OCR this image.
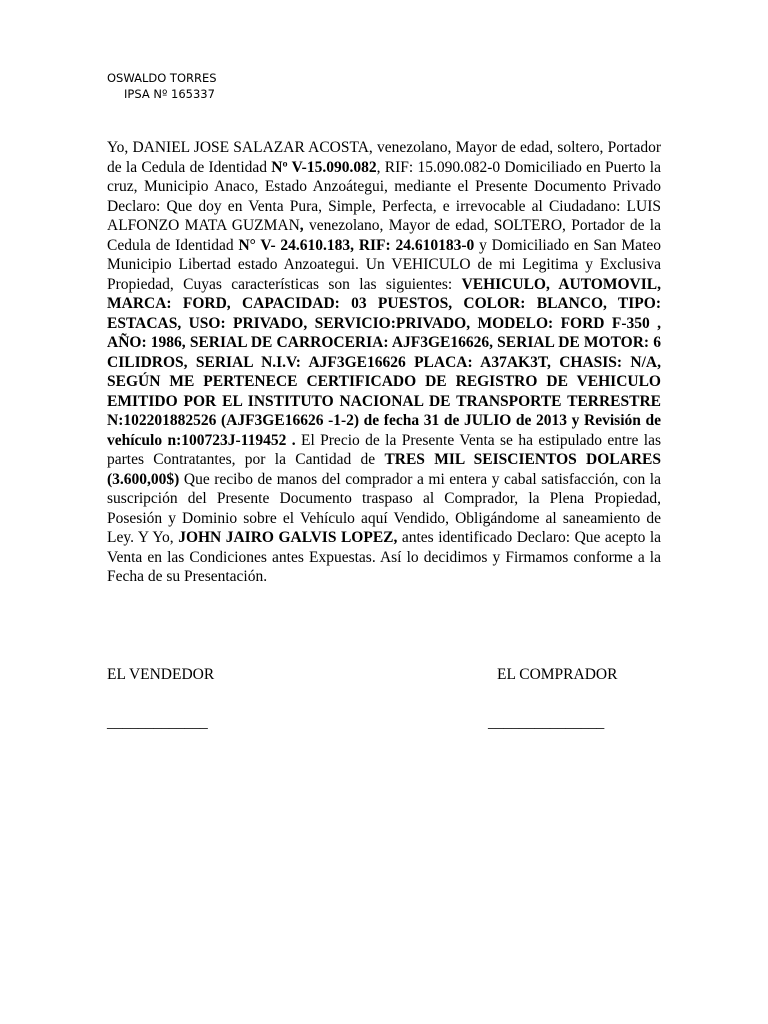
OSWALDO TORRES
IPSA Nº 165337

Yo, DANIEL JOSE SALAZAR ACOSTA, venezolano, Mayor de edad, soltero, Portador de la Cedula de Identidad Nº V-15.090.082, RIF: 15.090.082-0 Domiciliado en Puerto la cruz, Municipio Anaco, Estado Anzoátegui, mediante el Presente Documento Privado Declaro: Que doy en Venta Pura, Simple, Perfecta, e irrevocable al Ciudadano: LUIS ALFONZO MATA GUZMAN, venezolano, Mayor de edad, SOLTERO, Portador de la Cedula de Identidad N° V- 24.610.183, RIF: 24.610183-0 y Domiciliado en San Mateo Municipio Libertad estado Anzoategui. Un VEHICULO de mi Legitima y Exclusiva Propiedad, Cuyas características son las siguientes: VEHICULO, AUTOMOVIL, MARCA: FORD, CAPACIDAD: 03 PUESTOS, COLOR: BLANCO, TIPO: ESTACAS, USO: PRIVADO, SERVICIO:PRIVADO, MODELO: FORD F-350 , AÑO: 1986, SERIAL DE CARROCERIA: AJF3GE16626, SERIAL DE MOTOR: 6 CILIDROS, SERIAL N.I.V: AJF3GE16626 PLACA: A37AK3T, CHASIS: N/A, SEGÚN ME PERTENECE CERTIFICADO DE REGISTRO DE VEHICULO EMITIDO POR EL INSTITUTO NACIONAL DE TRANSPORTE TERRESTRE N:102201882526 (AJF3GE16626 -1-2) de fecha 31 de JULIO de 2013 y Revisión de vehículo n:100723J-119452 . El Precio de la Presente Venta se ha estipulado entre las partes Contratantes, por la Cantidad de TRES MIL SEISCIENTOS DOLARES (3.600,00$) Que recibo de manos del comprador a mi entera y cabal satisfacción, con la suscripción del Presente Documento traspaso al Comprador, la Plena Propiedad, Posesión y Dominio sobre el Vehículo aquí Vendido, Obligándome al saneamiento de Ley. Y Yo, JOHN JAIRO GALVIS LOPEZ, antes identificado Declaro: Que acepto la Venta en las Condiciones antes Expuestas. Así lo decidimos y Firmamos conforme a la Fecha de su Presentación.

EL VENDEDOR	EL COMPRADOR
_____________	_______________
